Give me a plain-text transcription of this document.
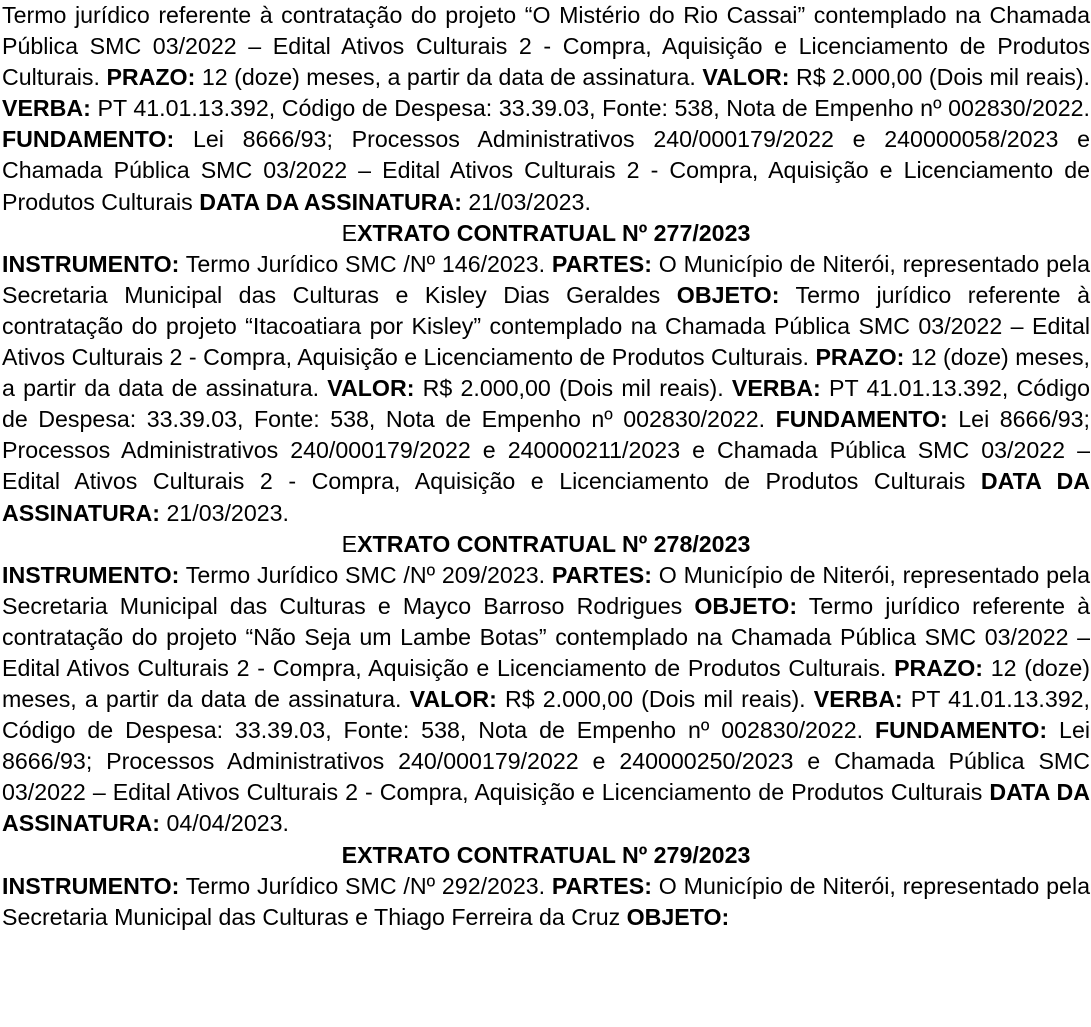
Termo jurídico referente à contratação do projeto “O Mistério do Rio Cassai” contemplado na Chamada Pública SMC 03/2022 – Edital Ativos Culturais 2 - Compra, Aquisição e Licenciamento de Produtos Culturais. PRAZO: 12 (doze) meses, a partir da data de assinatura. VALOR: R$ 2.000,00 (Dois mil reais). VERBA: PT 41.01.13.392, Código de Despesa: 33.39.03, Fonte: 538, Nota de Empenho nº 002830/2022. FUNDAMENTO: Lei 8666/93; Processos Administrativos 240/000179/2022 e 240000058/2023 e Chamada Pública SMC 03/2022 – Edital Ativos Culturais 2 - Compra, Aquisição e Licenciamento de Produtos Culturais DATA DA ASSINATURA: 21/03/2023.

EXTRATO CONTRATUAL Nº 277/2023

INSTRUMENTO: Termo Jurídico SMC /Nº 146/2023. PARTES: O Município de Niterói, representado pela Secretaria Municipal das Culturas e Kisley Dias Geraldes OBJETO: Termo jurídico referente à contratação do projeto “Itacoatiara por Kisley” contemplado na Chamada Pública SMC 03/2022 – Edital Ativos Culturais 2 - Compra, Aquisição e Licenciamento de Produtos Culturais. PRAZO: 12 (doze) meses, a partir da data de assinatura. VALOR: R$ 2.000,00 (Dois mil reais). VERBA: PT 41.01.13.392, Código de Despesa: 33.39.03, Fonte: 538, Nota de Empenho nº 002830/2022. FUNDAMENTO: Lei 8666/93; Processos Administrativos 240/000179/2022 e 240000211/2023 e Chamada Pública SMC 03/2022 – Edital Ativos Culturais 2 - Compra, Aquisição e Licenciamento de Produtos Culturais DATA DA ASSINATURA: 21/03/2023.

EXTRATO CONTRATUAL Nº 278/2023

INSTRUMENTO: Termo Jurídico SMC /Nº 209/2023. PARTES: O Município de Niterói, representado pela Secretaria Municipal das Culturas e Mayco Barroso Rodrigues OBJETO: Termo jurídico referente à contratação do projeto “Não Seja um Lambe Botas” contemplado na Chamada Pública SMC 03/2022 – Edital Ativos Culturais 2 - Compra, Aquisição e Licenciamento de Produtos Culturais. PRAZO: 12 (doze) meses, a partir da data de assinatura. VALOR: R$ 2.000,00 (Dois mil reais). VERBA: PT 41.01.13.392, Código de Despesa: 33.39.03, Fonte: 538, Nota de Empenho nº 002830/2022. FUNDAMENTO: Lei 8666/93; Processos Administrativos 240/000179/2022 e 240000250/2023 e Chamada Pública SMC 03/2022 – Edital Ativos Culturais 2 - Compra, Aquisição e Licenciamento de Produtos Culturais DATA DA ASSINATURA: 04/04/2023.

EXTRATO CONTRATUAL Nº 279/2023

INSTRUMENTO: Termo Jurídico SMC /Nº 292/2023. PARTES: O Município de Niterói, representado pela Secretaria Municipal das Culturas e Thiago Ferreira da Cruz OBJETO:
